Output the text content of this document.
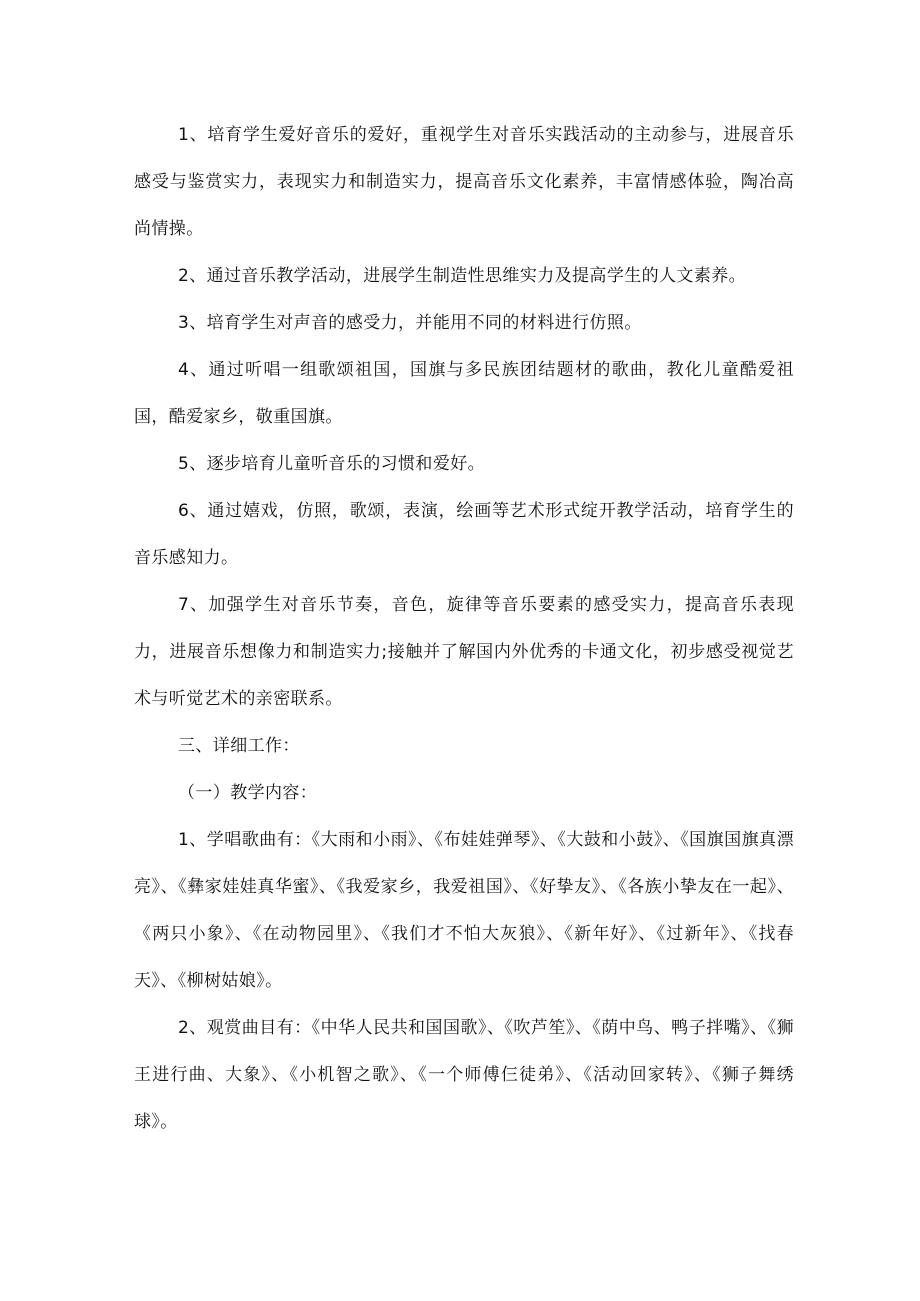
1、培育学生爱好音乐的爱好，重视学生对音乐实践活动的主动参与，进展音乐感受与鉴赏实力，表现实力和制造实力，提高音乐文化素养，丰富情感体验，陶冶高尚情操。

2、通过音乐教学活动，进展学生制造性思维实力及提高学生的人文素养。

3、培育学生对声音的感受力，并能用不同的材料进行仿照。

4、通过听唱一组歌颂祖国，国旗与多民族团结题材的歌曲，教化儿童酷爱祖国，酷爱家乡，敬重国旗。

5、逐步培育儿童听音乐的习惯和爱好。

6、通过嬉戏，仿照，歌颂，表演，绘画等艺术形式绽开教学活动，培育学生的音乐感知力。

7、加强学生对音乐节奏，音色，旋律等音乐要素的感受实力，提高音乐表现力，进展音乐想像力和制造实力;接触并了解国内外优秀的卡通文化，初步感受视觉艺术与听觉艺术的亲密联系。

三、详细工作：

（一）教学内容：

1、学唱歌曲有：《大雨和小雨》、《布娃娃弹琴》、《大鼓和小鼓》、《国旗国旗真漂亮》、《彝家娃娃真华蜜》、《我爱家乡，我爱祖国》、《好挚友》、《各族小挚友在一起》、《两只小象》、《在动物园里》、《我们才不怕大灰狼》、《新年好》、《过新年》、《找春天》、《柳树姑娘》。

2、观赏曲目有：《中华人民共和国国歌》、《吹芦笙》、《荫中鸟、鸭子拌嘴》、《狮王进行曲、大象》、《小机智之歌》、《一个师傅仨徒弟》、《活动回家转》、《狮子舞绣球》。
